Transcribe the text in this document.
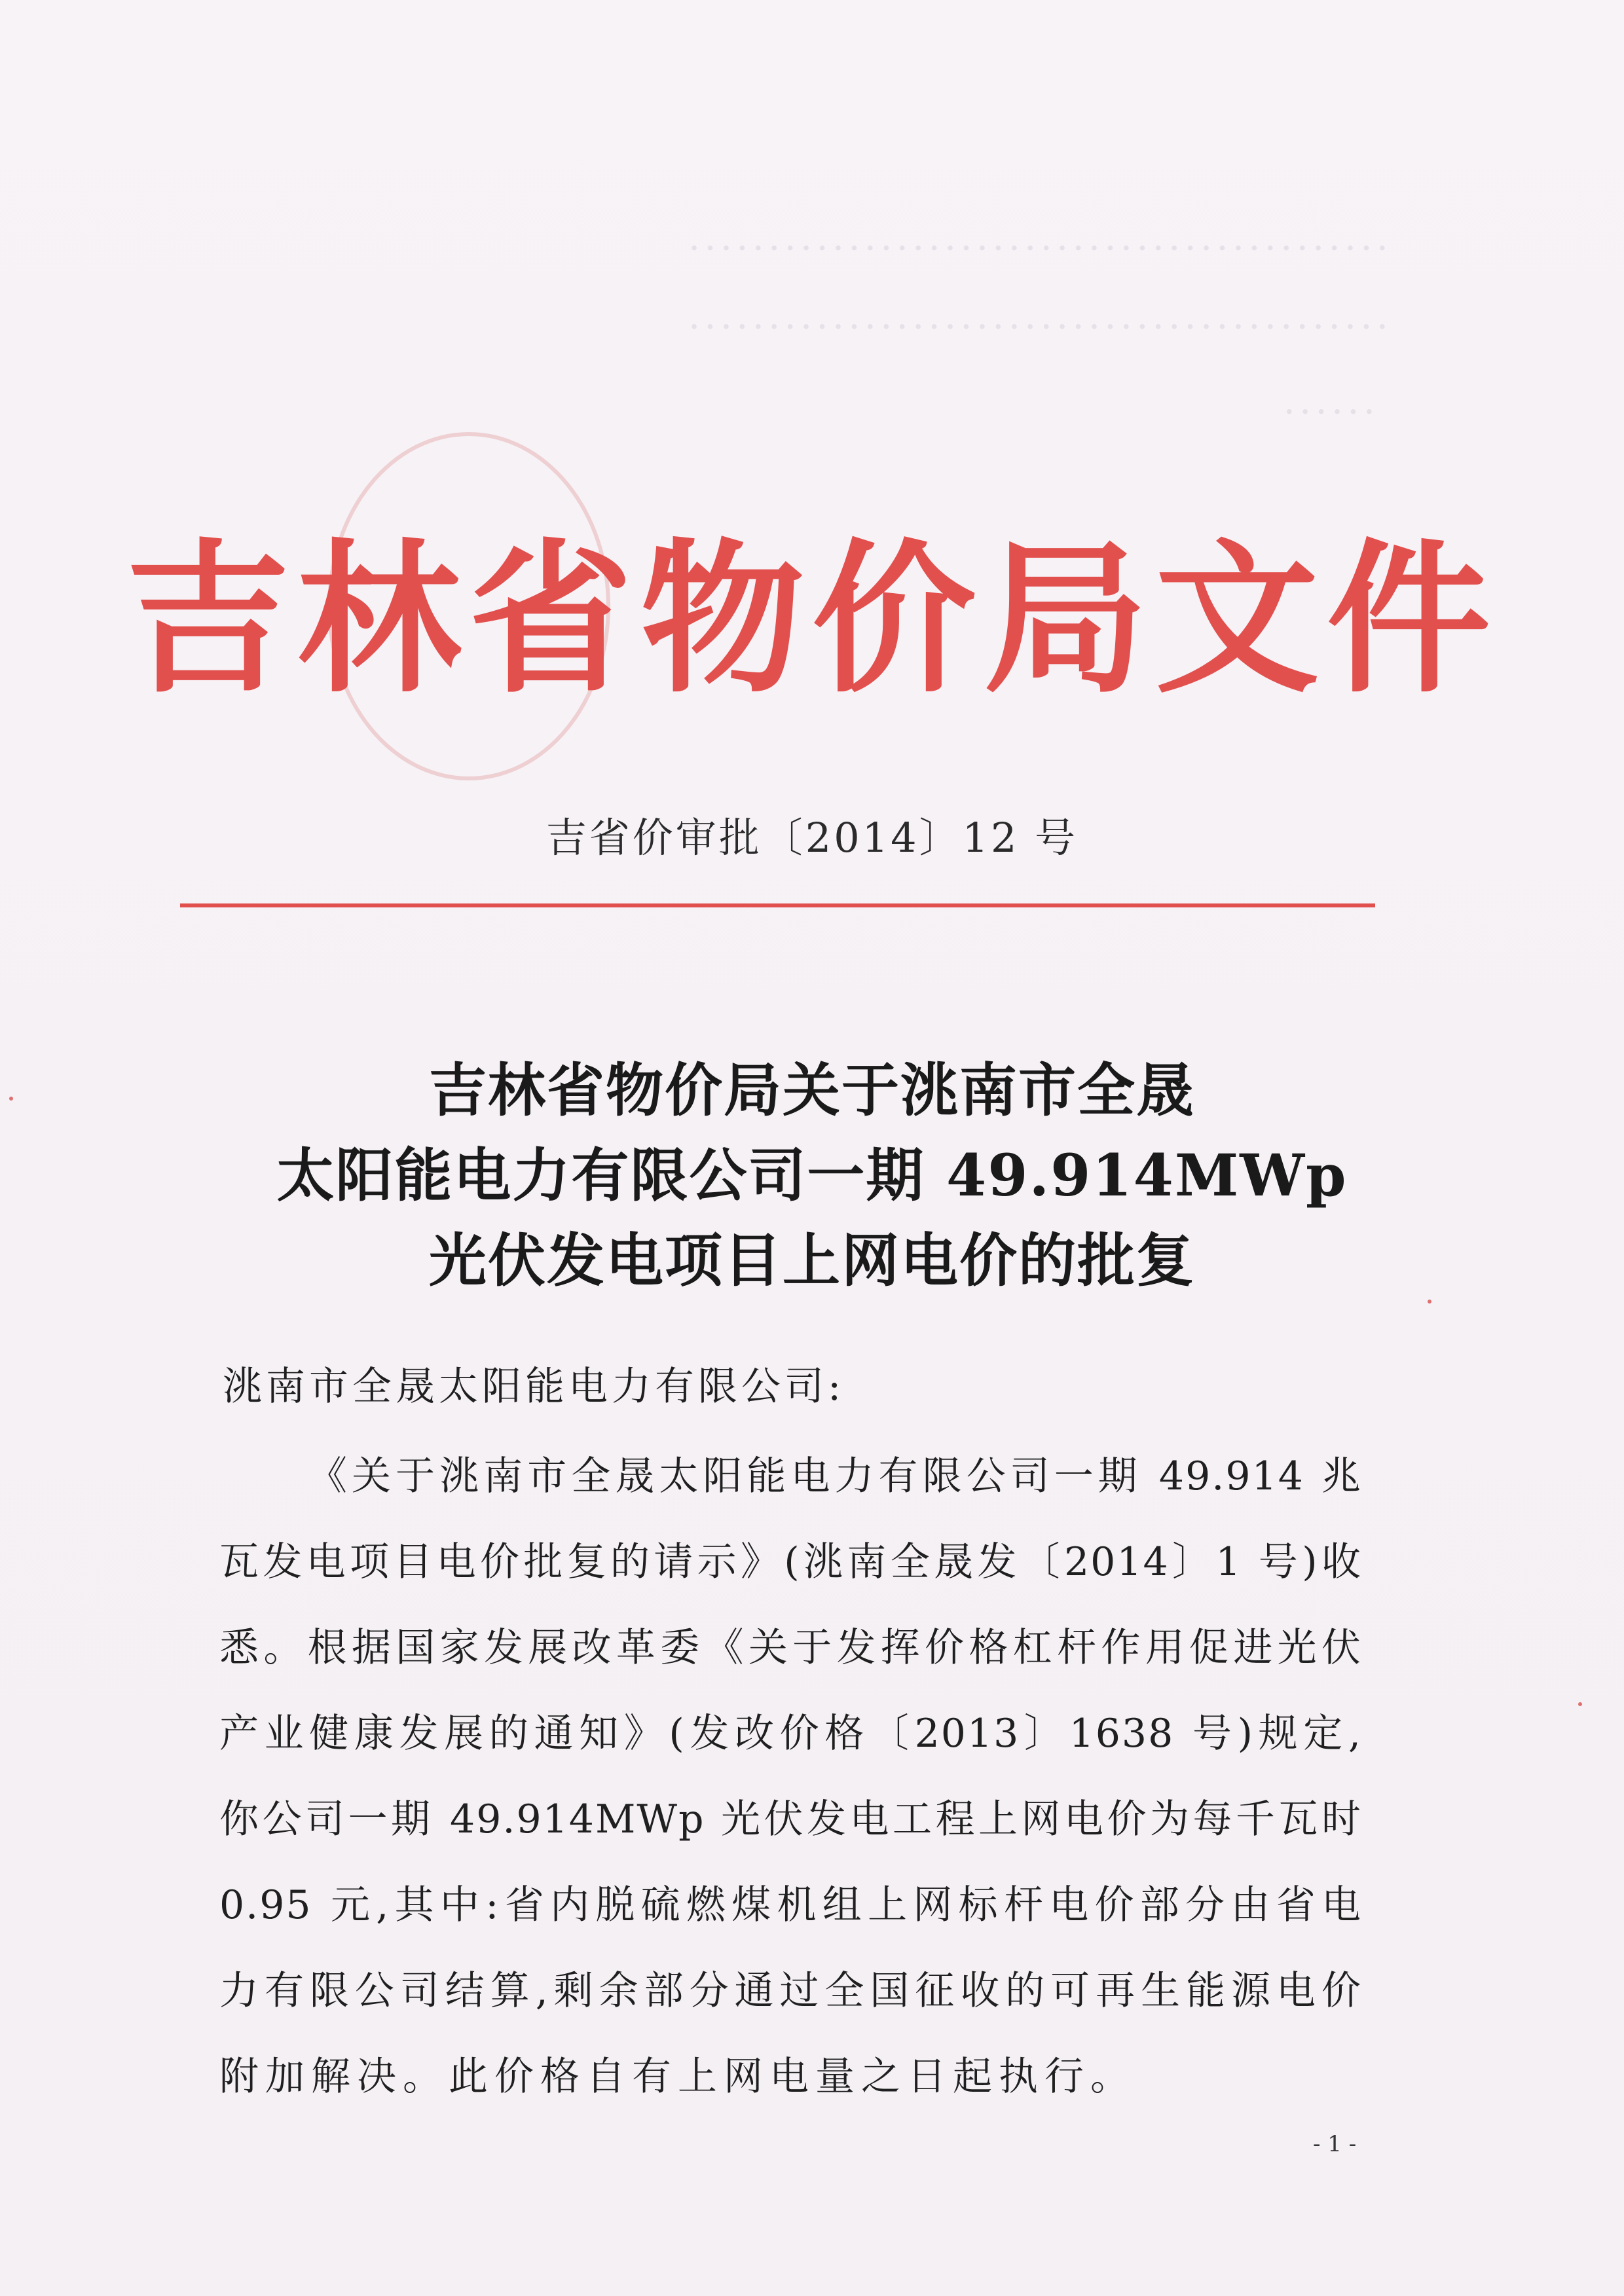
············································
············································
······
吉林省物价局文件
吉省价审批〔2014〕12 号
吉林省物价局关于洮南市全晟
太阳能电力有限公司一期 49.914MWp
光伏发电项目上网电价的批复
洮南市全晟太阳能电力有限公司:
《关于洮南市全晟太阳能电力有限公司一期 49.914 兆
瓦发电项目电价批复的请示》(洮南全晟发〔2014〕1 号)收
悉。根据国家发展改革委《关于发挥价格杠杆作用促进光伏
产业健康发展的通知》(发改价格〔2013〕1638 号)规定,
你公司一期 49.914MWp 光伏发电工程上网电价为每千瓦时
0.95 元,其中:省内脱硫燃煤机组上网标杆电价部分由省电
力有限公司结算,剩余部分通过全国征收的可再生能源电价
附加解决。此价格自有上网电量之日起执行。
- 1 -
